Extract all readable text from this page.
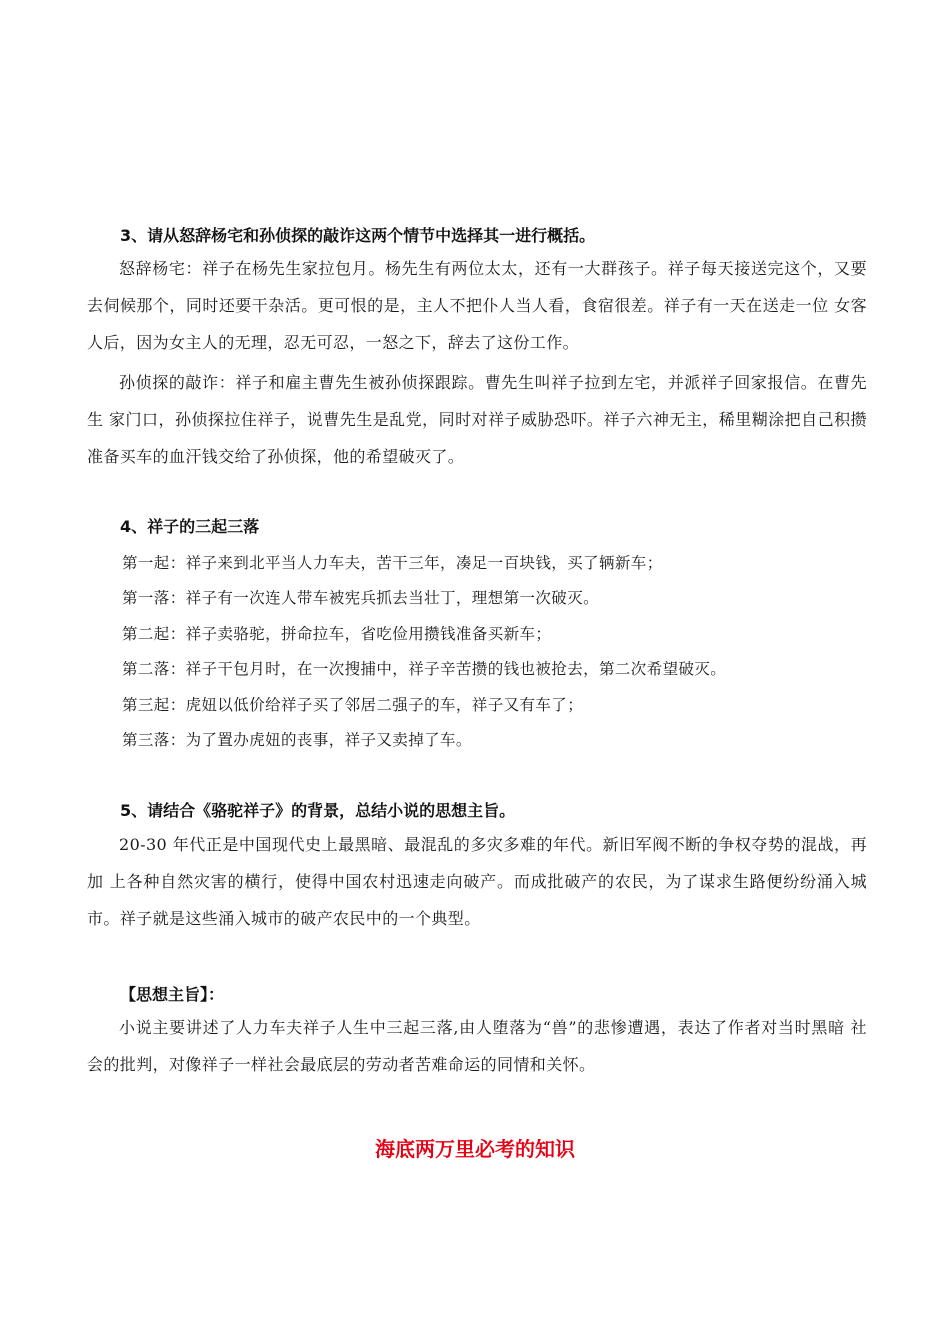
3、请从怒辞杨宅和孙侦探的敲诈这两个情节中选择其一进行概括。

怒辞杨宅：祥子在杨先生家拉包月。杨先生有两位太太，还有一大群孩子。祥子每天接送完这个，又要去伺候那个，同时还要干杂活。更可恨的是，主人不把仆人当人看，食宿很差。祥子有一天在送走一位 女客人后，因为女主人的无理，忍无可忍，一怒之下，辞去了这份工作。

孙侦探的敲诈：祥子和雇主曹先生被孙侦探跟踪。曹先生叫祥子拉到左宅，并派祥子回家报信。在曹先生 家门口，孙侦探拉住祥子，说曹先生是乱党，同时对祥子威胁恐吓。祥子六神无主，稀里糊涂把自己积攒 准备买车的血汗钱交给了孙侦探，他的希望破灭了。

4、祥子的三起三落
第一起：祥子来到北平当人力车夫，苦干三年，凑足一百块钱，买了辆新车；
第一落：祥子有一次连人带车被宪兵抓去当壮丁，理想第一次破灭。
第二起：祥子卖骆驼，拼命拉车，省吃俭用攒钱准备买新车；
第二落：祥子干包月时，在一次搜捕中，祥子辛苦攒的钱也被抢去，第二次希望破灭。
第三起：虎妞以低价给祥子买了邻居二强子的车，祥子又有车了；
第三落：为了置办虎妞的丧事，祥子又卖掉了车。
5、请结合《骆驼祥子》的背景，总结小说的思想主旨。

20-30 年代正是中国现代史上最黑暗、最混乱的多灾多难的年代。新旧军阀不断的争权夺势的混战，再加 上各种自然灾害的横行，使得中国农村迅速走向破产。而成批破产的农民，为了谋求生路便纷纷涌入城 市。祥子就是这些涌入城市的破产农民中的一个典型。

【思想主旨】：

小说主要讲述了人力车夫祥子人生中三起三落,由人堕落为“兽”的悲惨遭遇，表达了作者对当时黑暗 社会的批判，对像祥子一样社会最底层的劳动者苦难命运的同情和关怀。

海底两万里必考的知识
